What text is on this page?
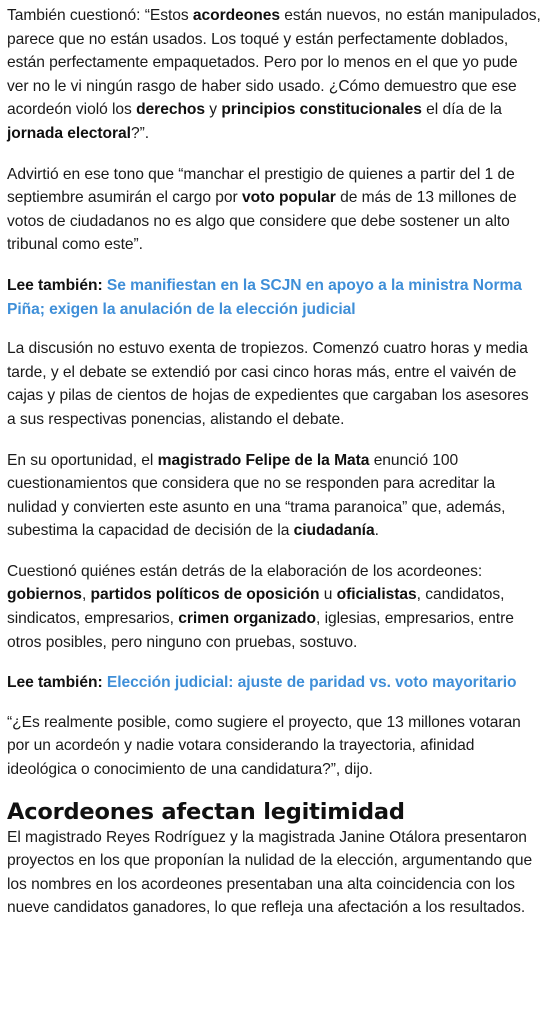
También cuestionó: “Estos acordeones están nuevos, no están manipulados, parece que no están usados. Los toqué y están perfectamente doblados, están perfectamente empaquetados. Pero por lo menos en el que yo pude ver no le vi ningún rasgo de haber sido usado. ¿Cómo demuestro que ese acordeón violó los derechos y principios constitucionales el día de la jornada electoral?”.

Advirtió en ese tono que “manchar el prestigio de quienes a partir del 1 de septiembre asumirán el cargo por voto popular de más de 13 millones de votos de ciudadanos no es algo que considere que debe sostener un alto tribunal como este”.

Lee también: Se manifiestan en la SCJN en apoyo a la ministra Norma Piña; exigen la anulación de la elección judicial

La discusión no estuvo exenta de tropiezos. Comenzó cuatro horas y media tarde, y el debate se extendió por casi cinco horas más, entre el vaivén de cajas y pilas de cientos de hojas de expedientes que cargaban los asesores a sus respectivas ponencias, alistando el debate.

En su oportunidad, el magistrado Felipe de la Mata enunció 100 cuestionamientos que considera que no se responden para acreditar la nulidad y convierten este asunto en una “trama paranoica” que, además, subestima la capacidad de decisión de la ciudadanía.

Cuestionó quiénes están detrás de la elaboración de los acordeones: gobiernos, partidos políticos de oposición u oficialistas, candidatos, sindicatos, empresarios, crimen organizado, iglesias, empresarios, entre otros posibles, pero ninguno con pruebas, sostuvo.

Lee también: Elección judicial: ajuste de paridad vs. voto mayoritario

“¿Es realmente posible, como sugiere el proyecto, que 13 millones votaran por un acordeón y nadie votara considerando la trayectoria, afinidad ideológica o conocimiento de una candidatura?”, dijo.

Acordeones afectan legitimidad

El magistrado Reyes Rodríguez y la magistrada Janine Otálora presentaron proyectos en los que proponían la nulidad de la elección, argumentando que los nombres en los acordeones presentaban una alta coincidencia con los nueve candidatos ganadores, lo que refleja una afectación a los resultados.
